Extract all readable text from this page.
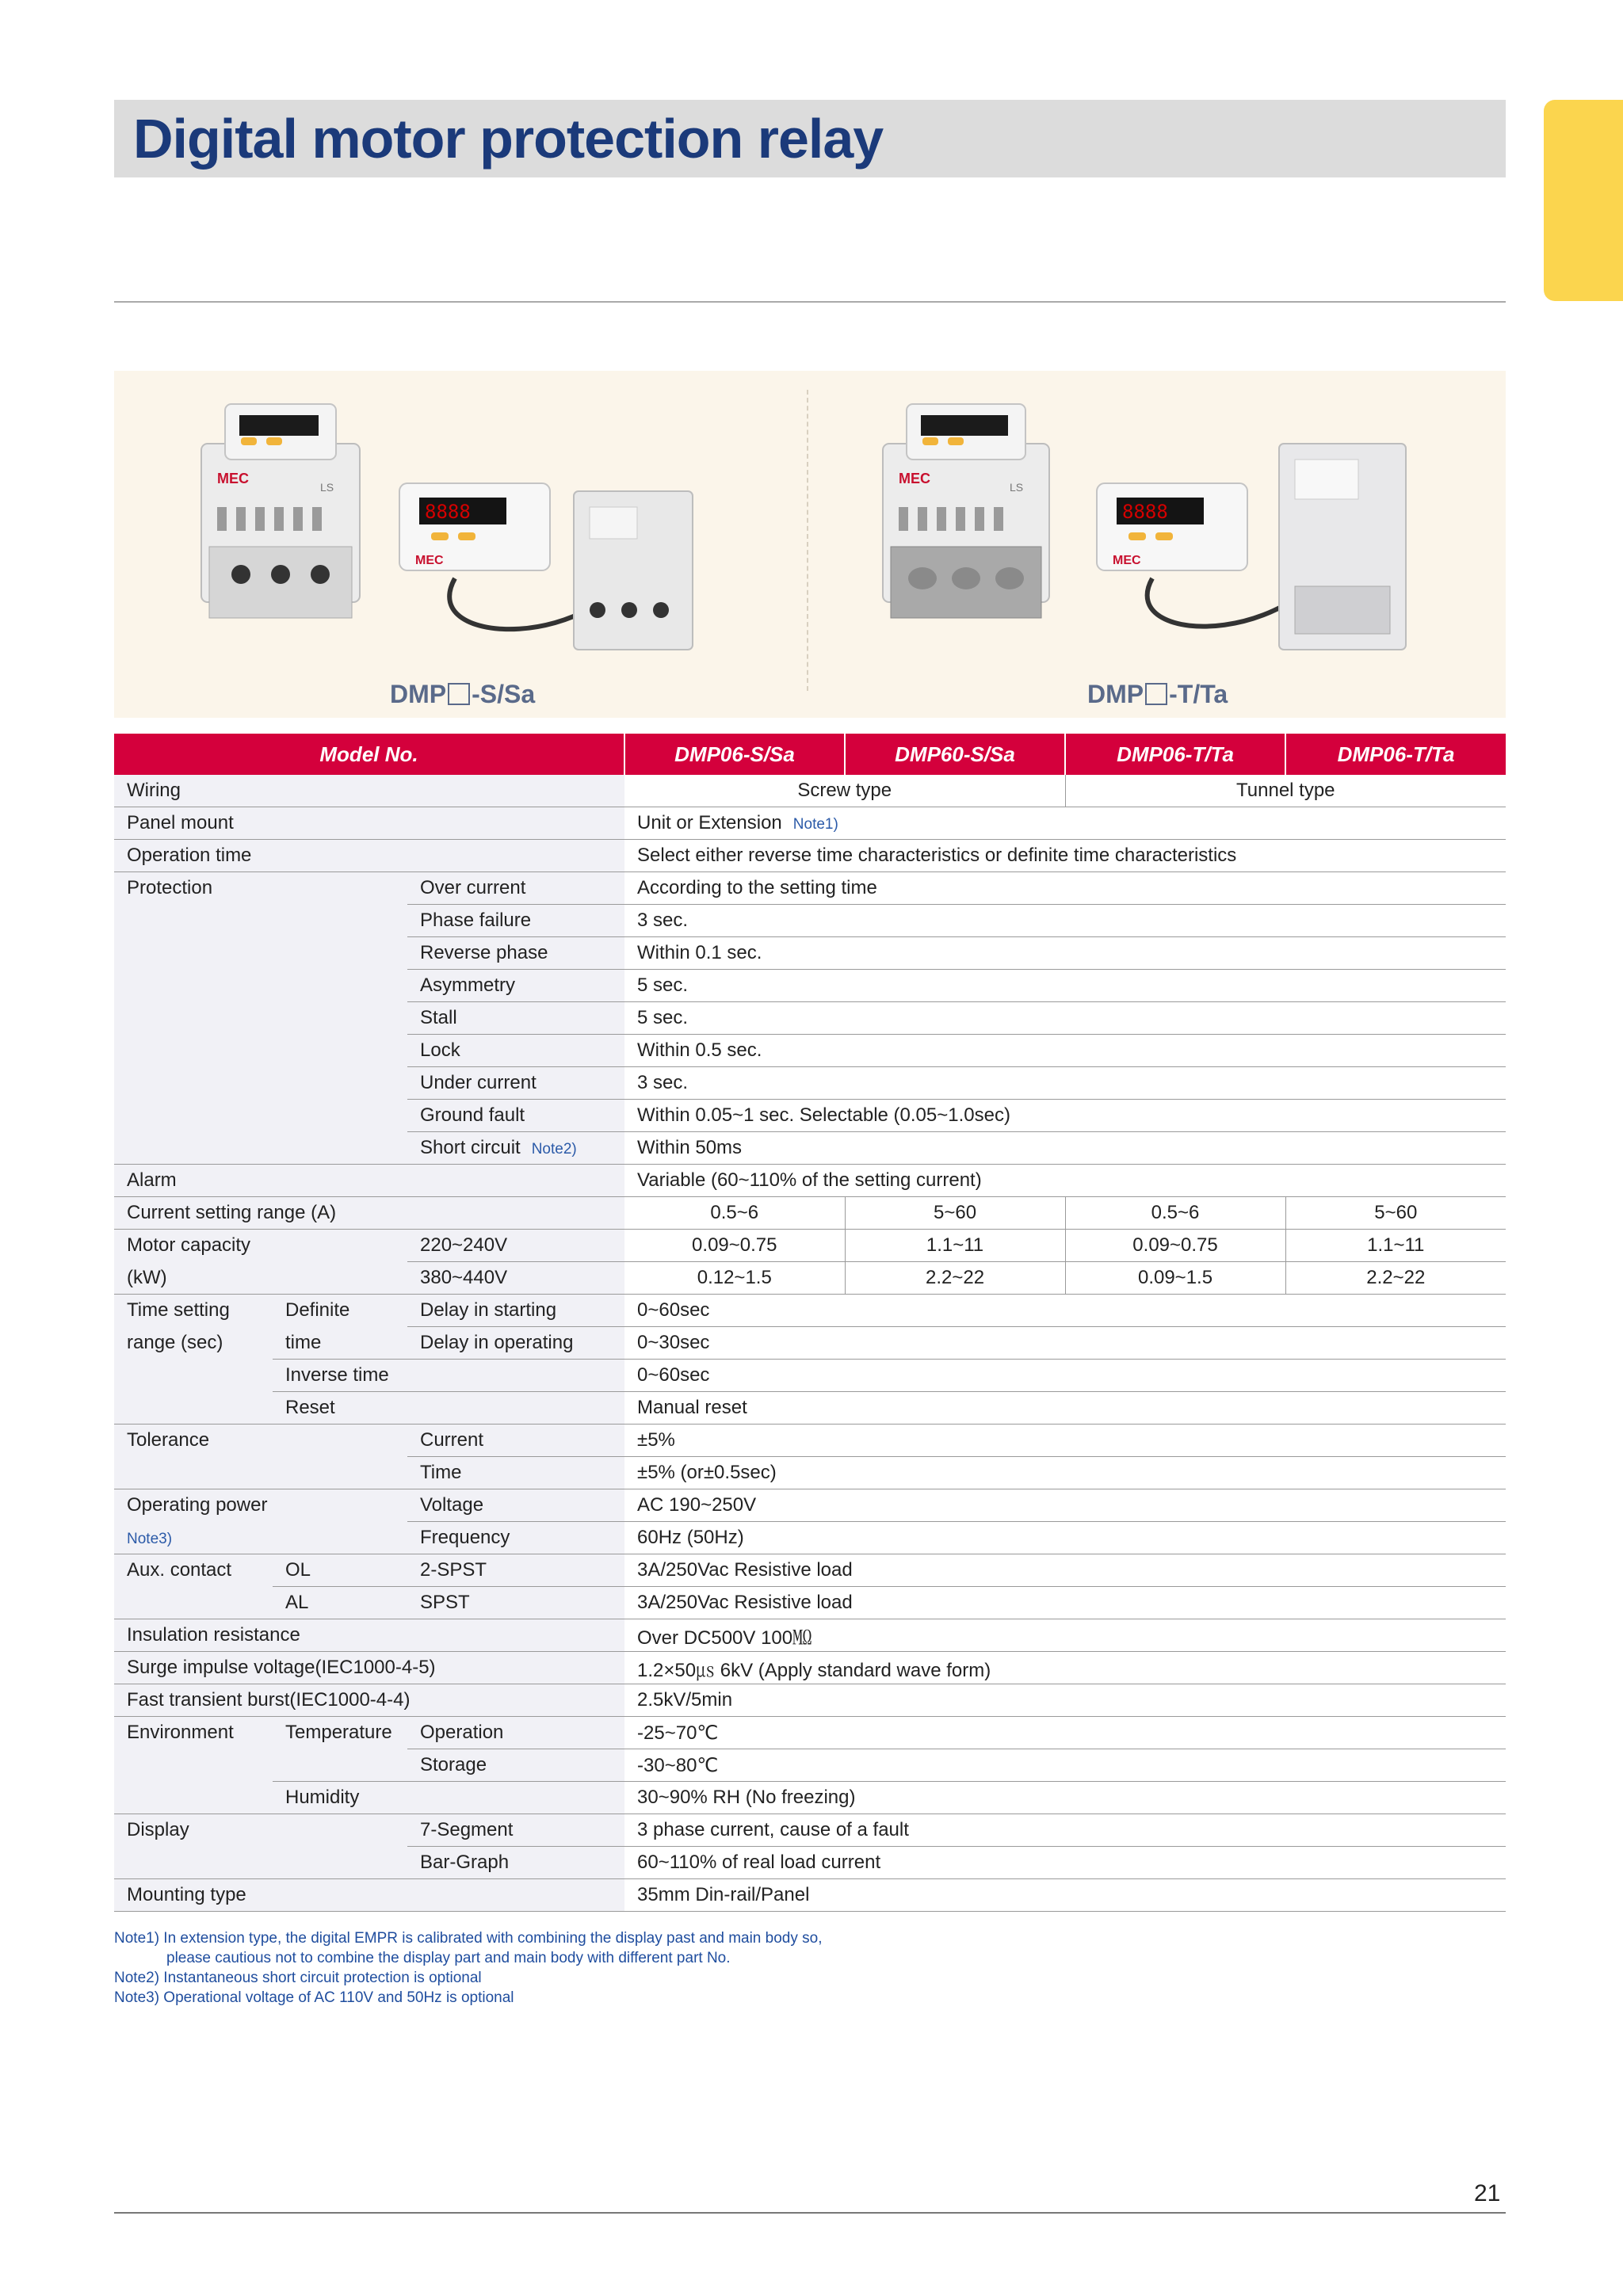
Digital motor protection relay
MEC
LS
8888
MEC
DMP -S/Sa
MEC
LS
8888
MEC
DMP -T/Ta
Model No.			DMP06-S/Sa	DMP60-S/Sa	DMP06-T/Ta	DMP06-T/Ta
Wiring			Screw type		Tunnel type	
Panel mount			Unit or Extension Note1)			
Operation time			Select either reverse time characteristics or definite time characteristics			
Protection		Over current	According to the setting time			
		Phase failure	3 sec.			
		Reverse phase	Within 0.1 sec.			
		Asymmetry	5 sec.			
		Stall	5 sec.			
		Lock	Within 0.5 sec.			
		Under current	3 sec.			
		Ground fault	Within 0.05~1 sec. Selectable (0.05~1.0sec)			
		Short circuit Note2)	Within 50ms			
Alarm			Variable (60~110% of the setting current)			
Current setting range (A)			0.5~6	5~60	0.5~6	5~60
Motor capacity		220~240V	0.09~0.75	1.1~11	0.09~0.75	1.1~11
(kW)		380~440V	0.12~1.5	2.2~22	0.09~1.5	2.2~22
Time setting	Definite	Delay in starting	0~60sec			
range (sec)	time	Delay in operating	0~30sec			
	Inverse time		0~60sec			
	Reset		Manual reset			
Tolerance		Current	±5%			
		Time	±5% (or±0.5sec)			
Operating power		Voltage	AC 190~250V			
Note3)		Frequency	60Hz (50Hz)			
Aux. contact	OL	2-SPST	3A/250Vac Resistive load			
	AL	SPST	3A/250Vac Resistive load			
Insulation resistance			Over DC500V 100㏁			
Surge impulse voltage(IEC1000-4-5)			1.2×50㎲ 6kV (Apply standard wave form)			
Fast transient burst(IEC1000-4-4)			2.5kV/5min			
Environment	Temperature	Operation	-25~70℃			
		Storage	-30~80℃			
	Humidity		30~90% RH (No freezing)			
Display		7-Segment	3 phase current, cause of a fault			
		Bar-Graph	60~110% of real load current			
Mounting type			35mm Din-rail/Panel			
Note1) In extension type, the digital EMPR is calibrated with combining the display past and main body so,
please cautious not to combine the display part and main body with different part No.
Note2) Instantaneous short circuit protection is optional
Note3) Operational voltage of AC 110V and 50Hz is optional
21
